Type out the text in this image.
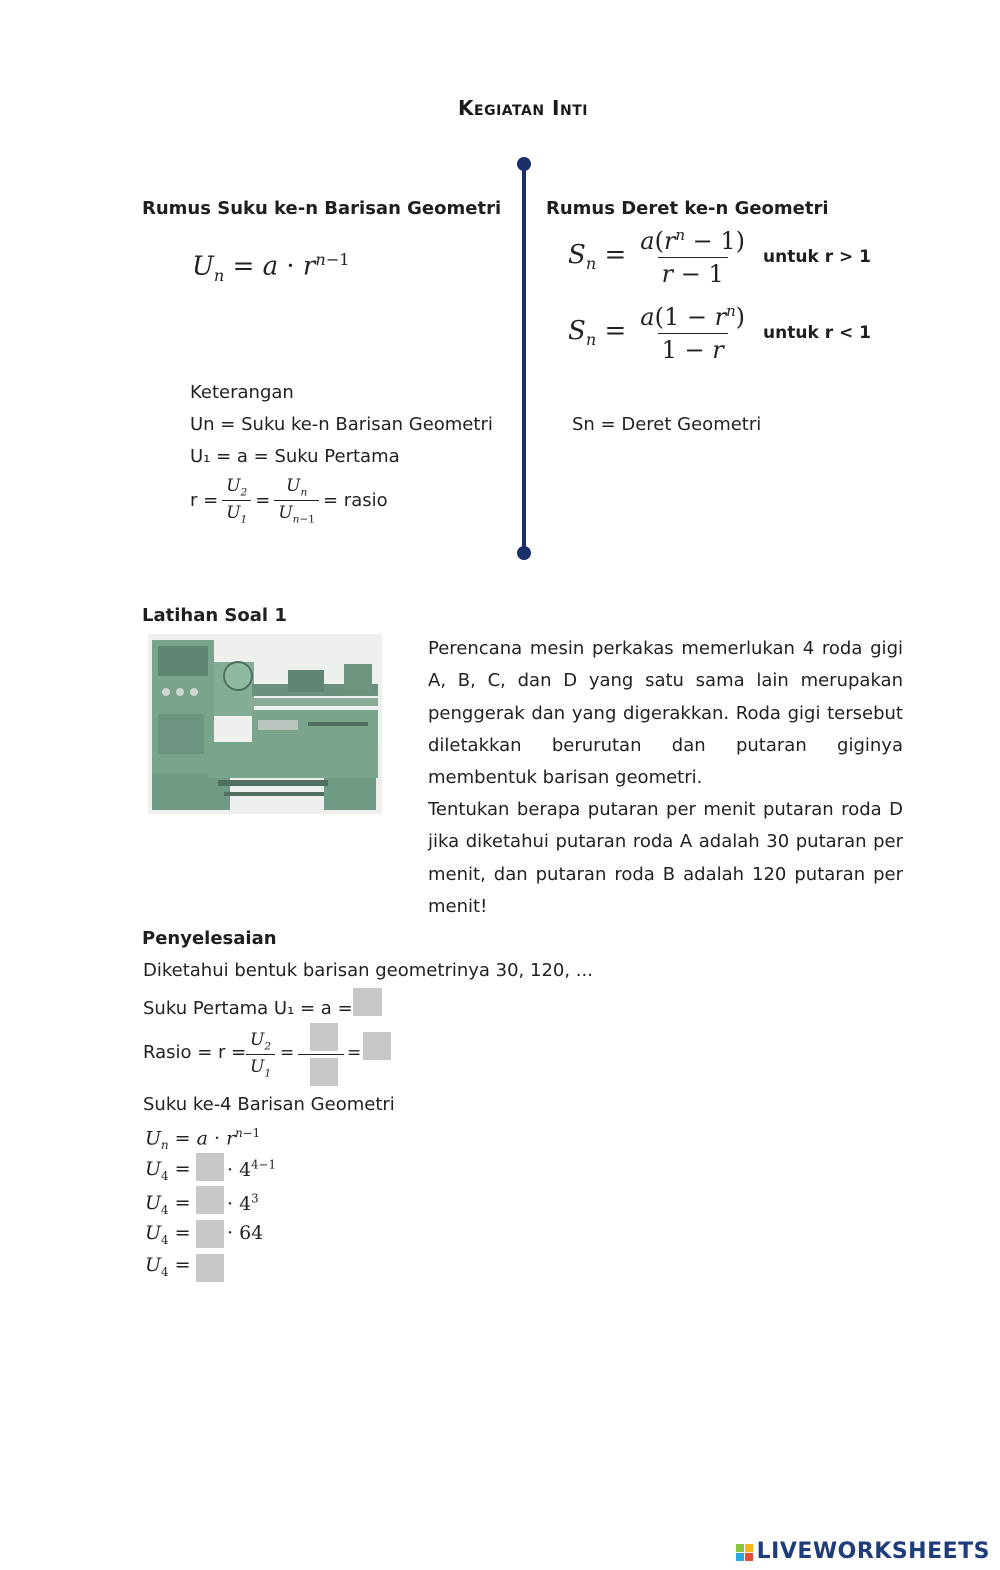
Kegiatan Inti
Rumus Suku ke-n Barisan Geometri
$U_n = a \cdot r^{n-1}$
Keterangan
Un = Suku ke-n Barisan Geometri
U₁ = a = Suku Pertama
$r = \frac{U_2}{U_1} = \frac{U_n}{U_{n-1}}$ = rasio
Rumus Deret ke-n Geometri
$S_n = \frac{a(r^n - 1)}{r - 1}$ untuk r > 1
$S_n = \frac{a(1 - r^n)}{1 - r}$ untuk r < 1
Sn = Deret Geometri
Latihan Soal 1
Perencana mesin perkakas memerlukan 4 roda gigi A, B, C, dan D yang satu sama lain merupakan penggerak dan yang digerakkan. Roda gigi tersebut diletakkan berurutan dan putaran giginya membentuk barisan geometri.
Tentukan berapa putaran per menit putaran roda D jika diketahui putaran roda A adalah 30 putaran per menit, dan putaran roda B adalah 120 putaran per menit!
Penyelesaian
Diketahui bentuk barisan geometrinya 30, 120, ...
Suku Pertama U₁ = a =
Rasio = $r = \frac{U_2}{U_1}$ =	=
Suku ke-4 Barisan Geometri
$U_n = a \cdot r^{n-1}$
$U_4$ = · $4^{4-1}$
$U_4$ = · $4^3$
$U_4$ = · 64
$U_4$ =
LIVEWORKSHEETS
